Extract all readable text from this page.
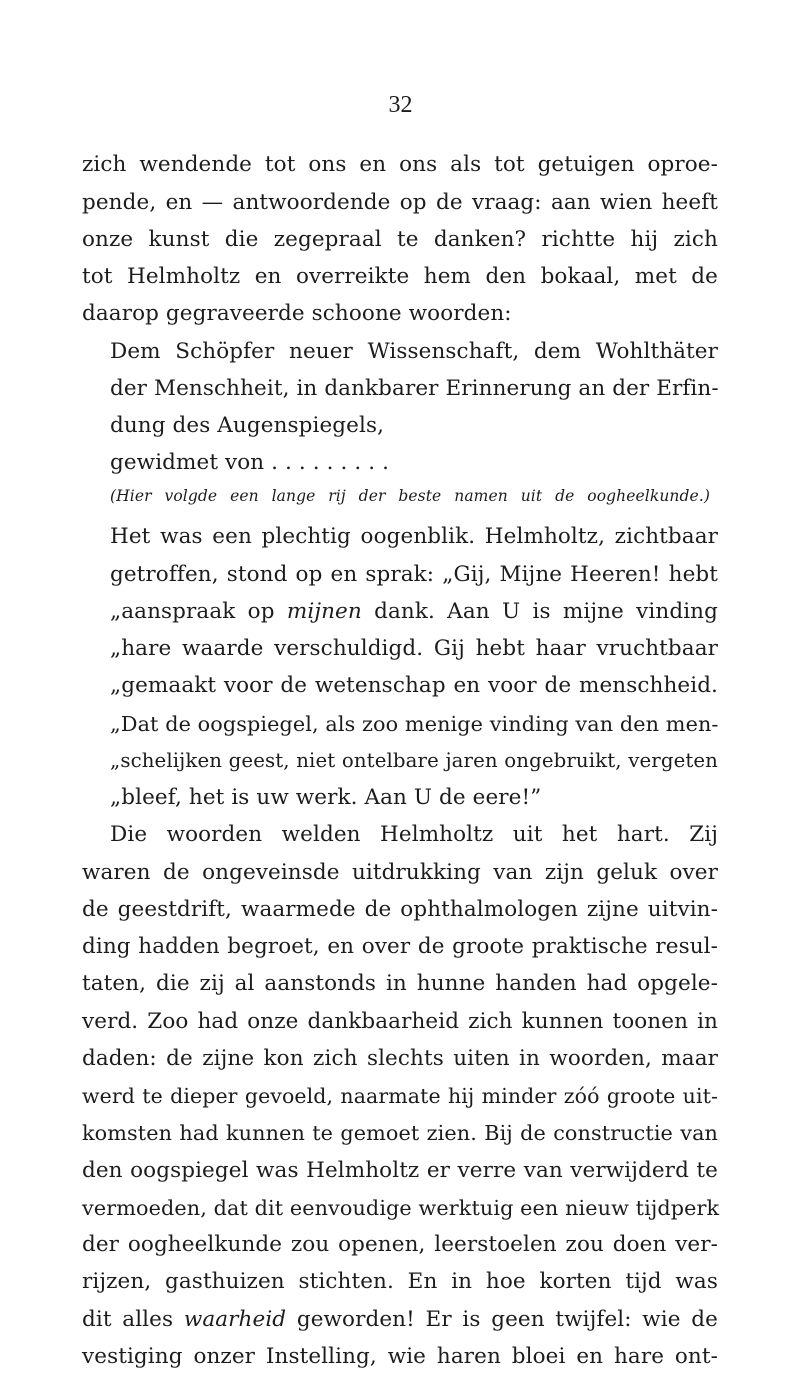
32
zich wendende tot ons en ons als tot getuigen oproe-
pende, en — antwoordende op de vraag: aan wien heeft
onze kunst die zegepraal te danken? richtte hij zich
tot Helmholtz en overreikte hem den bokaal, met de
daarop gegraveerde schoone woorden:
Dem Schöpfer neuer Wissenschaft, dem Wohlthäter
der Menschheit, in dankbarer Erinnerung an der Erfin-
dung des Augenspiegels,
gewidmet von . . . . . . . . .
(Hier volgde een lange rij der beste namen uit de oogheelkunde.)
Het was een plechtig oogenblik. Helmholtz, zichtbaar
getroffen, stond op en sprak: „Gij, Mijne Heeren! hebt
„aanspraak op mijnen dank. Aan U is mijne vinding
„hare waarde verschuldigd. Gij hebt haar vruchtbaar
„gemaakt voor de wetenschap en voor de menschheid.
„Dat de oogspiegel, als zoo menige vinding van den men-
„schelijken geest, niet ontelbare jaren ongebruikt, vergeten
„bleef, het is uw werk. Aan U de eere!”
Die woorden welden Helmholtz uit het hart. Zij
waren de ongeveinsde uitdrukking van zijn geluk over
de geestdrift, waarmede de ophthalmologen zijne uitvin-
ding hadden begroet, en over de groote praktische resul-
taten, die zij al aanstonds in hunne handen had opgele-
verd. Zoo had onze dankbaarheid zich kunnen toonen in
daden: de zijne kon zich slechts uiten in woorden, maar
werd te dieper gevoeld, naarmate hij minder zóó groote uit-
komsten had kunnen te gemoet zien. Bij de constructie van
den oogspiegel was Helmholtz er verre van verwijderd te
vermoeden, dat dit eenvoudige werktuig een nieuw tijdperk
der oogheelkunde zou openen, leerstoelen zou doen ver-
rijzen, gasthuizen stichten. En in hoe korten tijd was
dit alles waarheid geworden! Er is geen twijfel: wie de
vestiging onzer Instelling, wie haren bloei en hare ont-
